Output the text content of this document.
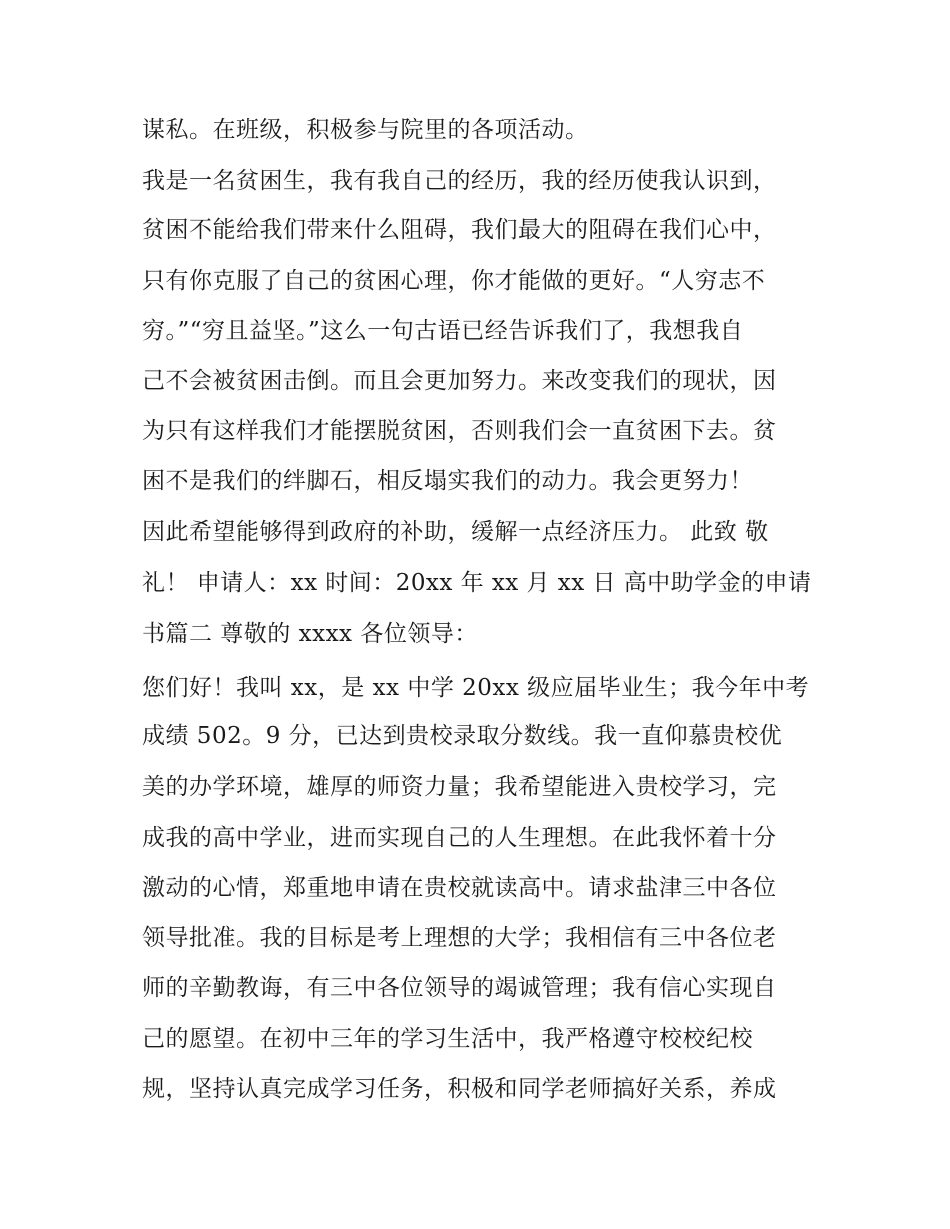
谋私。在班级，积极参与院里的各项活动。

我是一名贫困生，我有我自己的经历，我的经历使我认识到，

贫困不能给我们带来什么阻碍，我们最大的阻碍在我们心中，

只有你克服了自己的贫困心理，你才能做的更好。“人穷志不

穷。”“穷且益坚。”这么一句古语已经告诉我们了，我想我自

己不会被贫困击倒。而且会更加努力。来改变我们的现状，因

为只有这样我们才能摆脱贫困，否则我们会一直贫困下去。贫

困不是我们的绊脚石，相反塌实我们的动力。我会更努力！

因此希望能够得到政府的补助，缓解一点经济压力。 此致 敬

礼！ 申请人：xx 时间：20xx 年 xx 月 xx 日 高中助学金的申请

书篇二 尊敬的 xxxx 各位领导：

您们好！我叫 xx，是 xx 中学 20xx 级应届毕业生；我今年中考

成绩 502。9 分，已达到贵校录取分数线。我一直仰慕贵校优

美的办学环境，雄厚的师资力量；我希望能进入贵校学习，完

成我的高中学业，进而实现自己的人生理想。在此我怀着十分

激动的心情，郑重地申请在贵校就读高中。请求盐津三中各位

领导批准。我的目标是考上理想的大学；我相信有三中各位老

师的辛勤教诲，有三中各位领导的竭诚管理；我有信心实现自

己的愿望。在初中三年的学习生活中，我严格遵守校校纪校

规，坚持认真完成学习任务，积极和同学老师搞好关系，养成
